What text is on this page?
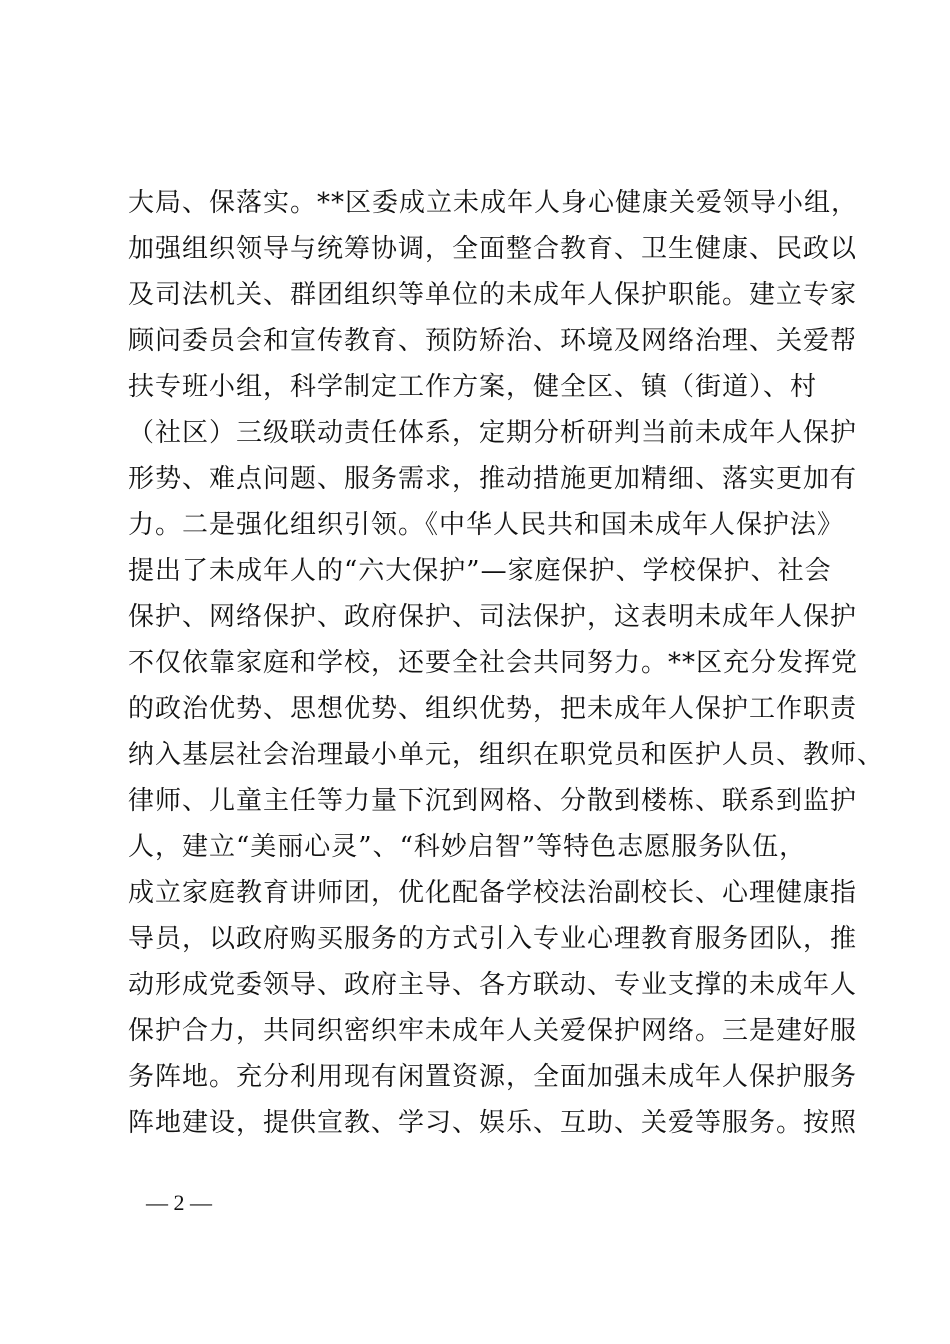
大局、保落实。**区委成立未成年人身心健康关爱领导小组，
加强组织领导与统筹协调，全面整合教育、卫生健康、民政以
及司法机关、群团组织等单位的未成年人保护职能。建立专家
顾问委员会和宣传教育、预防矫治、环境及网络治理、关爱帮
扶专班小组，科学制定工作方案，健全区、镇（街道）、村
（社区）三级联动责任体系，定期分析研判当前未成年人保护
形势、难点问题、服务需求，推动措施更加精细、落实更加有
力。二是强化组织引领。《中华人民共和国未成年人保护法》
提出了未成年人的“六大保护”—家庭保护、学校保护、社会
保护、网络保护、政府保护、司法保护，这表明未成年人保护
不仅依靠家庭和学校，还要全社会共同努力。**区充分发挥党
的政治优势、思想优势、组织优势，把未成年人保护工作职责
纳入基层社会治理最小单元，组织在职党员和医护人员、教师、
律师、儿童主任等力量下沉到网格、分散到楼栋、联系到监护
人，建立“美丽心灵”、“科妙启智”等特色志愿服务队伍，
成立家庭教育讲师团，优化配备学校法治副校长、心理健康指
导员，以政府购买服务的方式引入专业心理教育服务团队，推
动形成党委领导、政府主导、各方联动、专业支撑的未成年人
保护合力，共同织密织牢未成年人关爱保护网络。三是建好服
务阵地。充分利用现有闲置资源，全面加强未成年人保护服务
阵地建设，提供宣教、学习、娱乐、互助、关爱等服务。按照
— 2 —
